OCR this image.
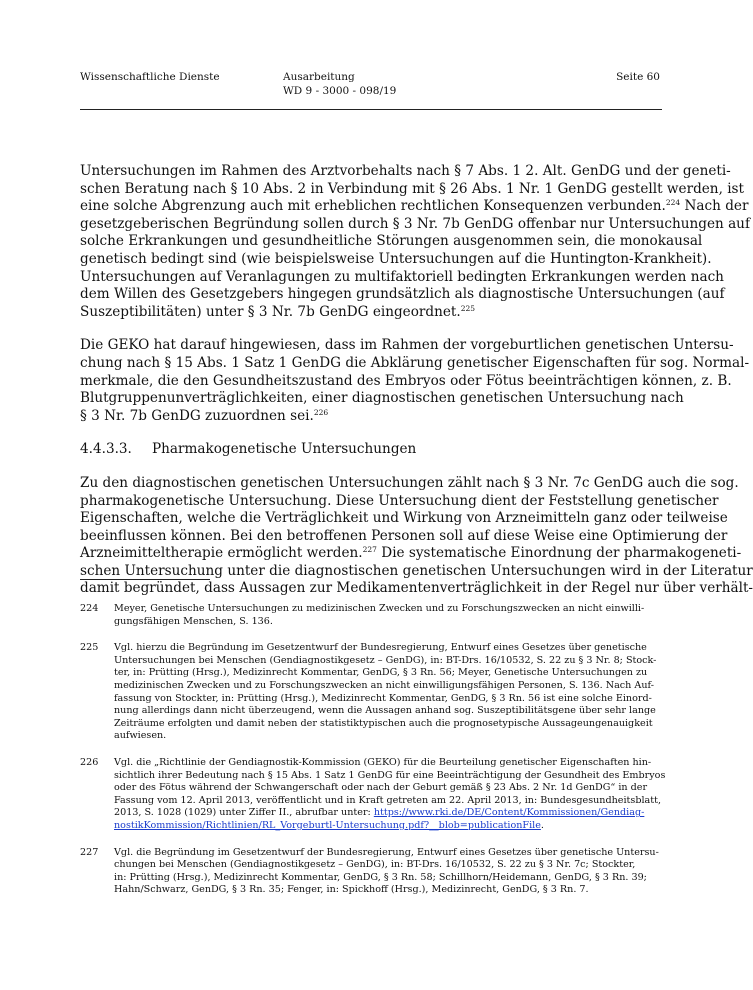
Wissenschaftliche Dienste	Ausarbeitung
WD 9 - 3000 - 098/19
Seite 60

Untersuchungen im Rahmen des Arztvorbehalts nach § 7 Abs. 1 2. Alt. GenDG und der geneti-
schen Beratung nach § 10 Abs. 2 in Verbindung mit § 26 Abs. 1 Nr. 1 GenDG gestellt werden, ist
eine solche Abgrenzung auch mit erheblichen rechtlichen Konsequenzen verbunden.$^{224}$ Nach der
gesetzgeberischen Begründung sollen durch § 3 Nr. 7b GenDG offenbar nur Untersuchungen auf
solche Erkrankungen und gesundheitliche Störungen ausgenommen sein, die monokausal
genetisch bedingt sind (wie beispielsweise Untersuchungen auf die Huntington-Krankheit).
Untersuchungen auf Veranlagungen zu multifaktoriell bedingten Erkrankungen werden nach
dem Willen des Gesetzgebers hingegen grundsätzlich als diagnostische Untersuchungen (auf
Suszeptibilitäten) unter § 3 Nr. 7b GenDG eingeordnet.$^{225}$

Die GEKO hat darauf hingewiesen, dass im Rahmen der vorgeburtlichen genetischen Untersu-
chung nach § 15 Abs. 1 Satz 1 GenDG die Abklärung genetischer Eigenschaften für sog. Normal-
merkmale, die den Gesundheitszustand des Embryos oder Fötus beeinträchtigen können, z. B.
Blutgruppenunverträglichkeiten, einer diagnostischen genetischen Untersuchung nach
§ 3 Nr. 7b GenDG zuzuordnen sei.$^{226}$

4.4.3.3. Pharmakogenetische Untersuchungen

Zu den diagnostischen genetischen Untersuchungen zählt nach § 3 Nr. 7c GenDG auch die sog.
pharmakogenetische Untersuchung. Diese Untersuchung dient der Feststellung genetischer
Eigenschaften, welche die Verträglichkeit und Wirkung von Arzneimitteln ganz oder teilweise
beeinflussen können. Bei den betroffenen Personen soll auf diese Weise eine Optimierung der
Arzneimitteltherapie ermöglicht werden.$^{227}$ Die systematische Einordnung der pharmakogeneti-
schen Untersuchung unter die diagnostischen genetischen Untersuchungen wird in der Literatur
damit begründet, dass Aussagen zur Medikamentenverträglichkeit in der Regel nur über verhält-

224	Meyer, Genetische Untersuchungen zu medizinischen Zwecken und zu Forschungszwecken an nicht einwilli-
gungsfähigen Menschen, S. 136.
225	Vgl. hierzu die Begründung im Gesetzentwurf der Bundesregierung, Entwurf eines Gesetzes über genetische
Untersuchungen bei Menschen (Gendiagnostikgesetz – GenDG), in: BT-Drs. 16/10532, S. 22 zu § 3 Nr. 8; Stock-
ter, in: Prütting (Hrsg.), Medizinrecht Kommentar, GenDG, § 3 Rn. 56; Meyer, Genetische Untersuchungen zu
medizinischen Zwecken und zu Forschungszwecken an nicht einwilligungsfähigen Personen, S. 136. Nach Auf-
fassung von Stockter, in: Prütting (Hrsg.), Medizinrecht Kommentar, GenDG, § 3 Rn. 56 ist eine solche Einord-
nung allerdings dann nicht überzeugend, wenn die Aussagen anhand sog. Suszeptibilitätsgene über sehr lange
Zeiträume erfolgten und damit neben der statistiktypischen auch die prognosetypische Aussageungenauigkeit
aufwiesen.
226	Vgl. die „Richtlinie der Gendiagnostik-Kommission (GEKO) für die Beurteilung genetischer Eigenschaften hin-
sichtlich ihrer Bedeutung nach § 15 Abs. 1 Satz 1 GenDG für eine Beeinträchtigung der Gesundheit des Embryos
oder des Fötus während der Schwangerschaft oder nach der Geburt gemäß § 23 Abs. 2 Nr. 1d GenDG“ in der
Fassung vom 12. April 2013, veröffentlicht und in Kraft getreten am 22. April 2013, in: Bundesgesundheitsblatt,
2013, S. 1028 (1029) unter Ziffer II., abrufbar unter: https://www.rki.de/DE/Content/Kommissionen/Gendiag-
nostikKommission/Richtlinien/RL_Vorgeburtl-Untersuchung.pdf?__blob=publicationFile.
227	Vgl. die Begründung im Gesetzentwurf der Bundesregierung, Entwurf eines Gesetzes über genetische Untersu-
chungen bei Menschen (Gendiagnostikgesetz – GenDG), in: BT-Drs. 16/10532, S. 22 zu § 3 Nr. 7c; Stockter,
in: Prütting (Hrsg.), Medizinrecht Kommentar, GenDG, § 3 Rn. 58; Schillhorn/Heidemann, GenDG, § 3 Rn. 39;
Hahn/Schwarz, GenDG, § 3 Rn. 35; Fenger, in: Spickhoff (Hrsg.), Medizinrecht, GenDG, § 3 Rn. 7.
